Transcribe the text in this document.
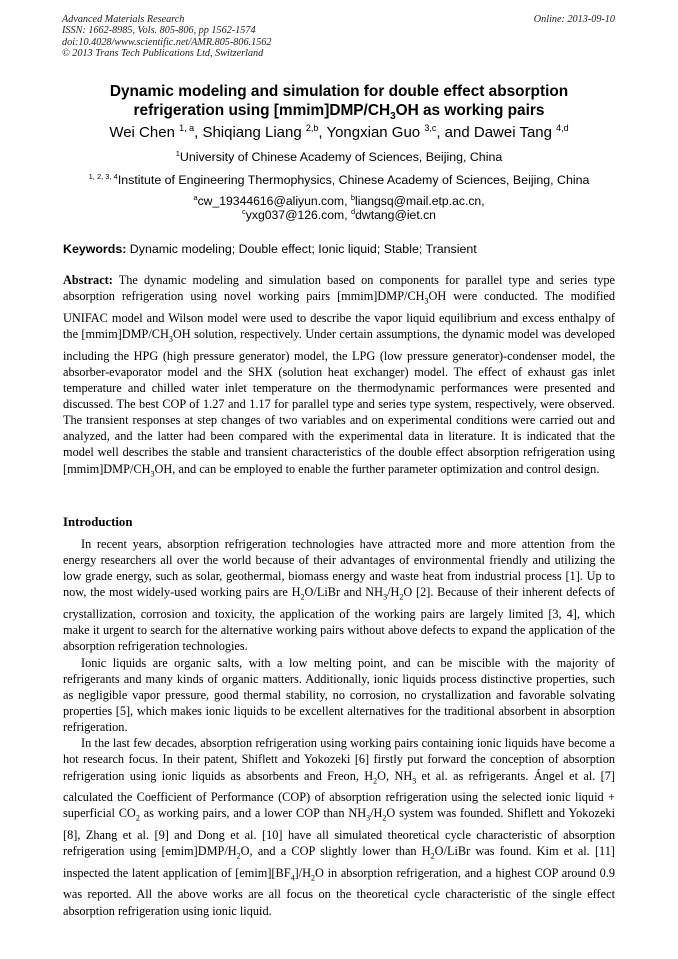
Advanced Materials Research
ISSN: 1662-8985, Vols. 805-806, pp 1562-1574
doi:10.4028/www.scientific.net/AMR.805-806.1562
© 2013 Trans Tech Publications Ltd, Switzerland
Online: 2013-09-10
Dynamic modeling and simulation for double effect absorption
refrigeration using $[mmim]DMP/CH_3OH$ as working pairs
Wei Chen $^{1, a}$, Shiqiang Liang $^{2,b}$, Yongxian Guo $^{3,c}$, and Dawei Tang $^{4,d}$
$^1$University of Chinese Academy of Sciences, Beijing, China
$^{1, 2, 3, 4}$Institute of Engineering Thermophysics, Chinese Academy of Sciences, Beijing, China
$^a$cw_19344616@aliyun.com, $^b$liangsq@mail.etp.ac.cn,
$^c$yxg037@126.com, $^d$dwtang@iet.cn
Keywords: Dynamic modeling; Double effect; Ionic liquid; Stable; Transient

Abstract: The dynamic modeling and simulation based on components for parallel type and series type absorption refrigeration using novel working pairs $[mmim]DMP/CH_3OH$ were conducted. The modified UNIFAC model and Wilson model were used to describe the vapor liquid equilibrium and excess enthalpy of the $[mmim]DMP/CH_3OH$ solution, respectively. Under certain assumptions, the dynamic model was developed including the HPG (high pressure generator) model, the LPG (low pressure generator)-condenser model, the absorber-evaporator model and the SHX (solution heat exchanger) model. The effect of exhaust gas inlet temperature and chilled water inlet temperature on the thermodynamic performances were presented and discussed. The best COP of 1.27 and 1.17 for parallel type and series type system, respectively, were observed. The transient responses at step changes of two variables and on experimental conditions were carried out and analyzed, and the latter had been compared with the experimental data in literature. It is indicated that the model well describes the stable and transient characteristics of the double effect absorption refrigeration using $[mmim]DMP/CH_3OH$, and can be employed to enable the further parameter optimization and control design.

Introduction

In recent years, absorption refrigeration technologies have attracted more and more attention from the energy researchers all over the world because of their advantages of environmental friendly and utilizing the low grade energy, such as solar, geothermal, biomass energy and waste heat from industrial process [1]. Up to now, the most widely-used working pairs are $H_2O$/LiBr and $NH_3/H_2O$ [2]. Because of their inherent defects of crystallization, corrosion and toxicity, the application of the working pairs are largely limited [3, 4], which make it urgent to search for the alternative working pairs without above defects to expand the application of the absorption refrigeration technologies.

Ionic liquids are organic salts, with a low melting point, and can be miscible with the majority of refrigerants and many kinds of organic matters. Additionally, ionic liquids process distinctive properties, such as negligible vapor pressure, good thermal stability, no corrosion, no crystallization and favorable solvating properties [5], which makes ionic liquids to be excellent alternatives for the traditional absorbent in absorption refrigeration.

In the last few decades, absorption refrigeration using working pairs containing ionic liquids have become a hot research focus. In their patent, Shiflett and Yokozeki [6] firstly put forward the conception of absorption refrigeration using ionic liquids as absorbents and Freon, $H_2O$, $NH_3$ et al. as refrigerants. Ángel et al. [7] calculated the Coefficient of Performance (COP) of absorption refrigeration using the selected ionic liquid + superficial $CO_2$ as working pairs, and a lower COP than $NH_3/H_2O$ system was founded. Shiflett and Yokozeki [8], Zhang et al. [9] and Dong et al. [10] have all simulated theoretical cycle characteristic of absorption refrigeration using $[emim]DMP/H_2O$, and a COP slightly lower than $H_2O$/LiBr was found. Kim et al. [11] inspected the latent application of $[emim][BF_4]/H_2O$ in absorption refrigeration, and a highest COP around 0.9 was reported. All the above works are all focus on the theoretical cycle characteristic of the single effect absorption refrigeration using ionic liquid.
